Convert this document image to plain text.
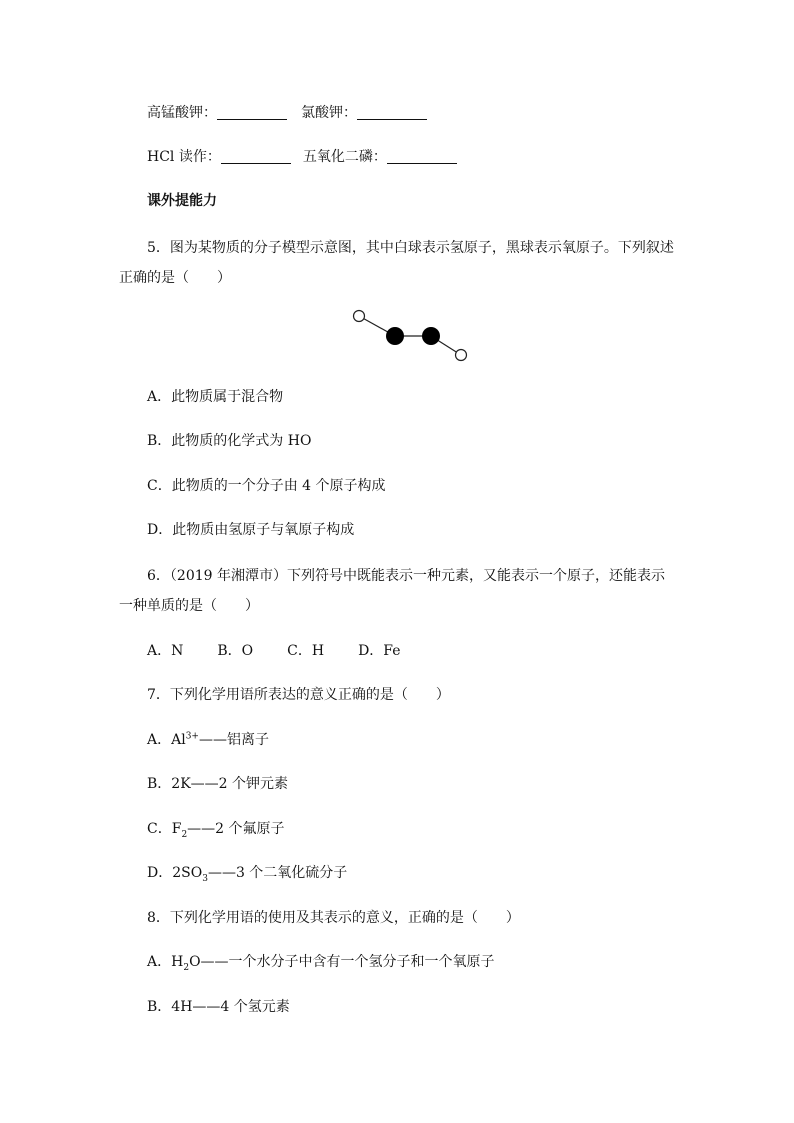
高锰酸钾：	氯酸钾：
HCl 读作：	五氧化二磷：
课外提能力
5．图为某物质的分子模型示意图，其中白球表示氢原子，黑球表示氧原子。下列叙述
正确的是（　　）
A．此物质属于混合物
B．此物质的化学式为 HO
C．此物质的一个分子由 4 个原子构成
D．此物质由氢原子与氧原子构成
6．（2019 年湘潭市）下列符号中既能表示一种元素，又能表示一个原子，还能表示
一种单质的是（　　）
A．N B．O C．H D．Fe
7．下列化学用语所表达的意义正确的是（　　）
A．$Al^{3+}——$铝离子
B．2K——2 个钾元素
C．$F_2——2$ 个氟原子
D．$2SO_3——3$ 个二氧化硫分子
8．下列化学用语的使用及其表示的意义，正确的是（　　）
A．$H_2O——$一个水分子中含有一个氢分子和一个氧原子
B．4H——4 个氢元素
